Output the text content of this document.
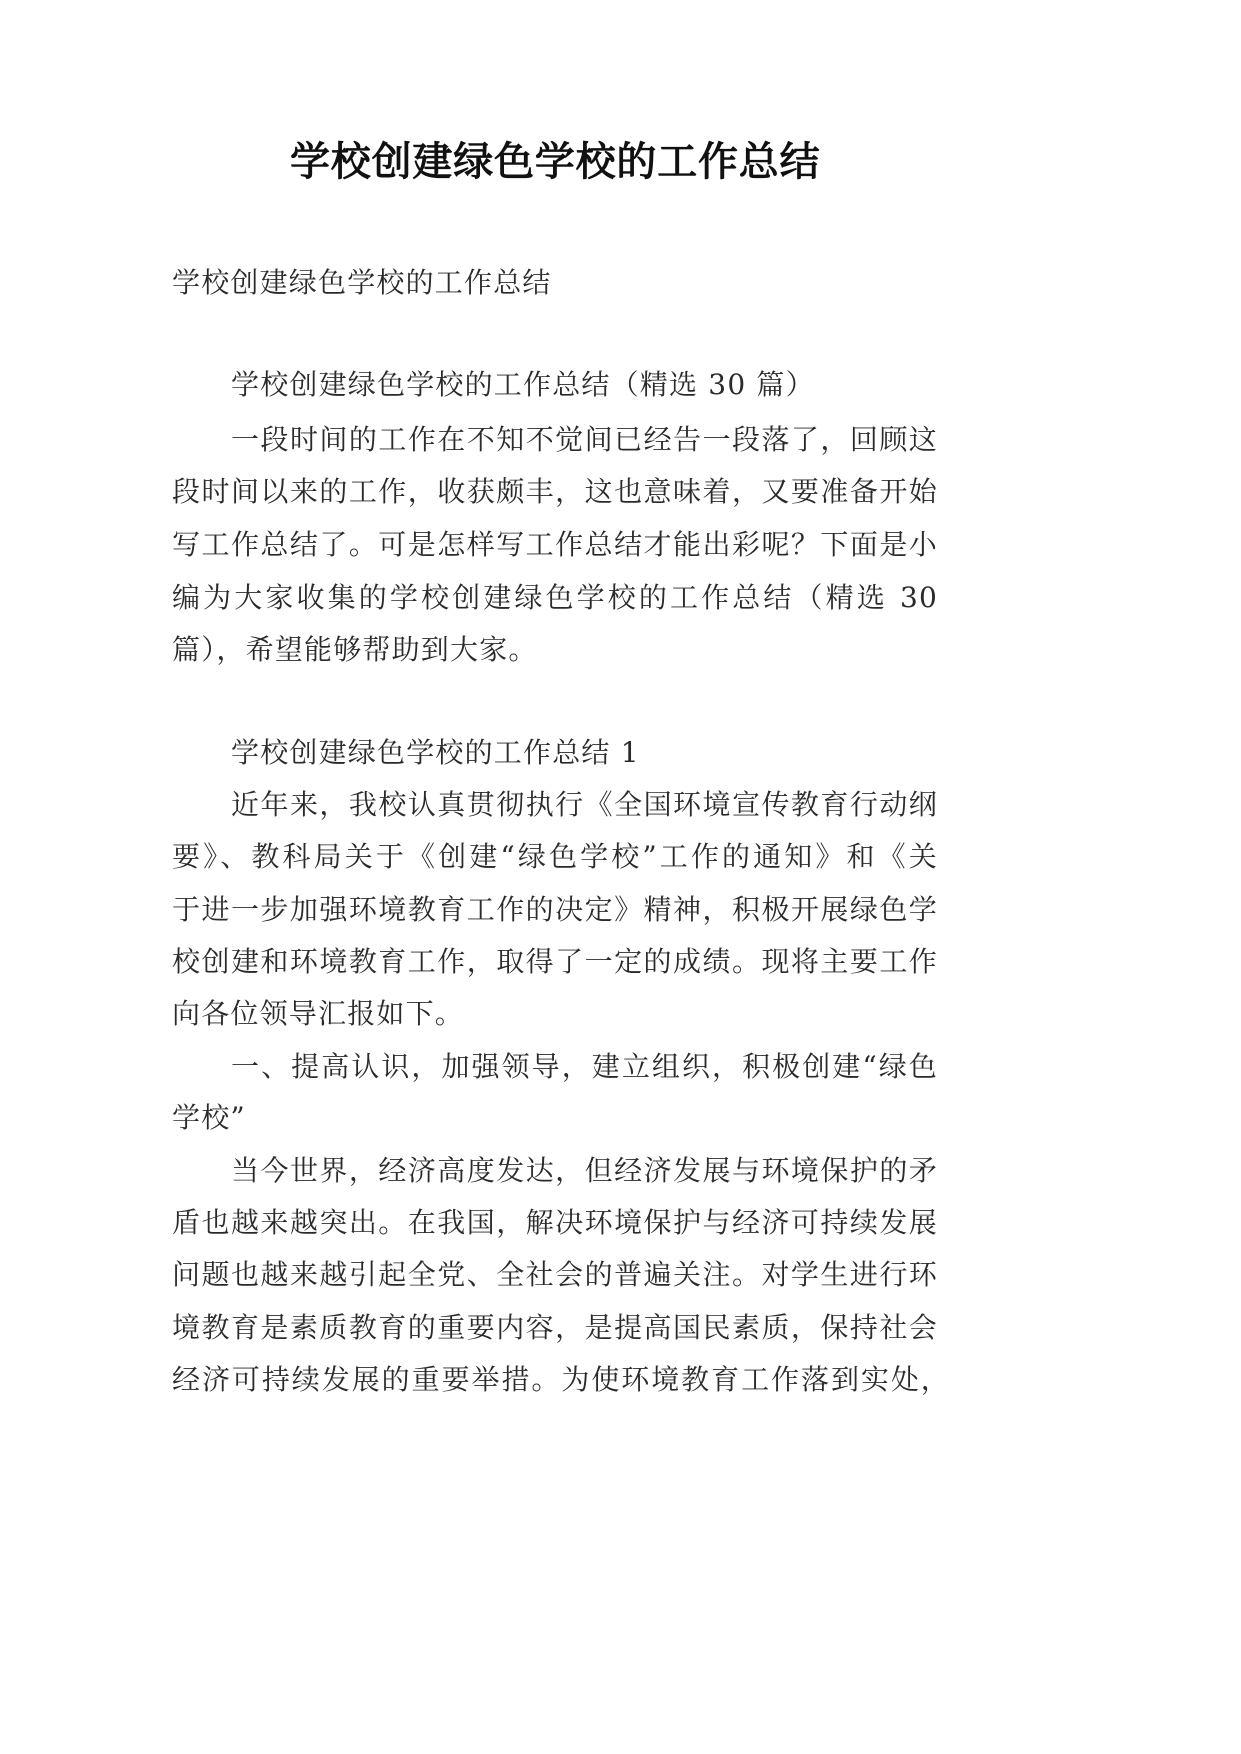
学校创建绿色学校的工作总结
学校创建绿色学校的工作总结
学校创建绿色学校的工作总结（精选 30 篇）
一段时间的工作在不知不觉间已经告一段落了，回顾这
段时间以来的工作，收获颇丰，这也意味着，又要准备开始
写工作总结了。可是怎样写工作总结才能出彩呢？下面是小
编为大家收集的学校创建绿色学校的工作总结（精选 30
篇），希望能够帮助到大家。
学校创建绿色学校的工作总结 1
近年来，我校认真贯彻执行《全国环境宣传教育行动纲
要》、教科局关于《创建“绿色学校”工作的通知》和《关
于进一步加强环境教育工作的决定》精神，积极开展绿色学
校创建和环境教育工作，取得了一定的成绩。现将主要工作
向各位领导汇报如下。
一、提高认识，加强领导，建立组织，积极创建“绿色
学校”
当今世界，经济高度发达，但经济发展与环境保护的矛
盾也越来越突出。在我国，解决环境保护与经济可持续发展
问题也越来越引起全党、全社会的普遍关注。对学生进行环
境教育是素质教育的重要内容，是提高国民素质，保持社会
经济可持续发展的重要举措。为使环境教育工作落到实处，
